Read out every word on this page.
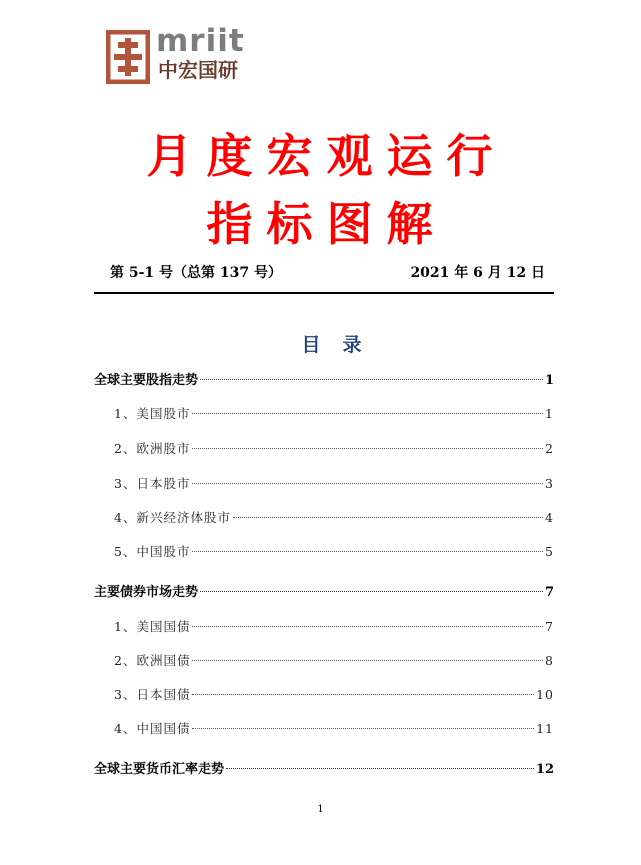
mriit
中宏国研
月度宏观运行
指标图解
第 5-1 号（总第 137 号）	2021 年 6 月 12 日
目录
全球主要股指走势	1
1、美国股市	1
2、欧洲股市	2
3、日本股市	3
4、新兴经济体股市	4
5、中国股市	5
主要债券市场走势	7
1、美国国债	7
2、欧洲国债	8
3、日本国债	10
4、中国国债	11
全球主要货币汇率走势	12
1
